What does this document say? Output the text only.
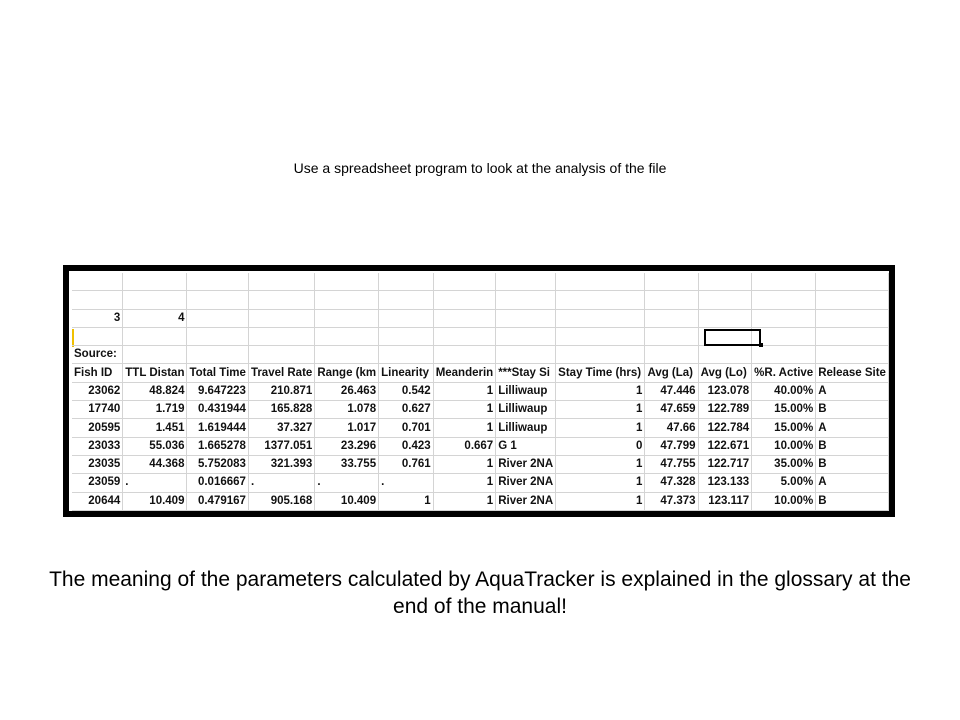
Use a spreadsheet program to look at the analysis of the file

3	4											

Source:												
Fish ID	TTL Distan	Total Time	Travel Rate	Range (km	Linearity	Meanderin	***Stay Si	Stay Time (hrs)	Avg (La)	Avg (Lo)	%R. Active	Release Site
23062	48.824	9.647223	210.871	26.463	0.542	1	Lilliwaup	1	47.446	123.078	40.00%	A
17740	1.719	0.431944	165.828	1.078	0.627	1	Lilliwaup	1	47.659	122.789	15.00%	B
20595	1.451	1.619444	37.327	1.017	0.701	1	Lilliwaup	1	47.66	122.784	15.00%	A
23033	55.036	1.665278	1377.051	23.296	0.423	0.667	G 1	0	47.799	122.671	10.00%	B
23035	44.368	5.752083	321.393	33.755	0.761	1	River 2NA	1	47.755	122.717	35.00%	B
23059	.	0.016667	.	.	.	1	River 2NA	1	47.328	123.133	5.00%	A
20644	10.409	0.479167	905.168	10.409	1	1	River 2NA	1	47.373	123.117	10.00%	B
The meaning of the parameters calculated by AquaTracker is explained in the glossary at the end of the manual!
